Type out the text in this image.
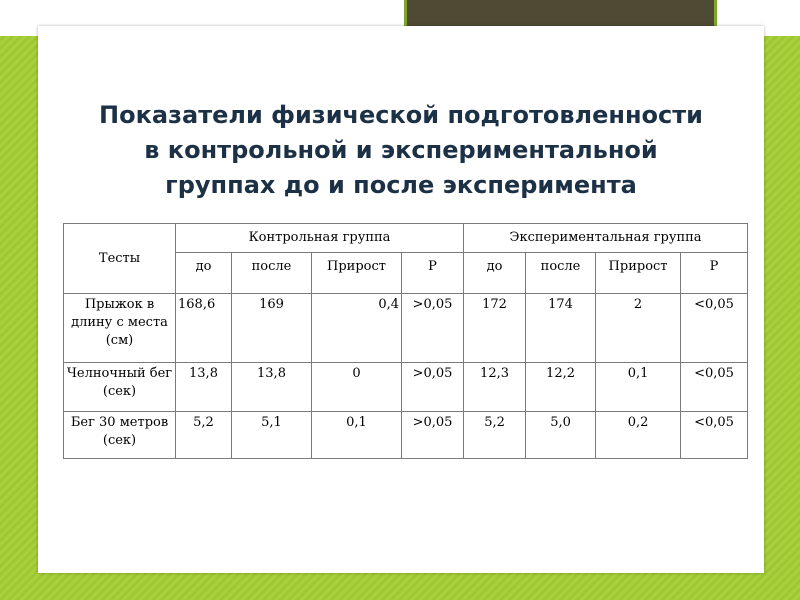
Показатели физической подготовленности
в контрольной и экспериментальной
группах до и после эксперимента
Тесты	Контрольная группа				Экспериментальная группа			
	до	после	Прирост	Р	до	после	Прирост	Р
Прыжок в длину с места (см)	168,6	169	0,4	>0,05	172	174	2	<0,05
Челночный бег (сек)	13,8	13,8	0	>0,05	12,3	12,2	0,1	<0,05
Бег 30 метров (сек)	5,2	5,1	0,1	>0,05	5,2	5,0	0,2	<0,05
